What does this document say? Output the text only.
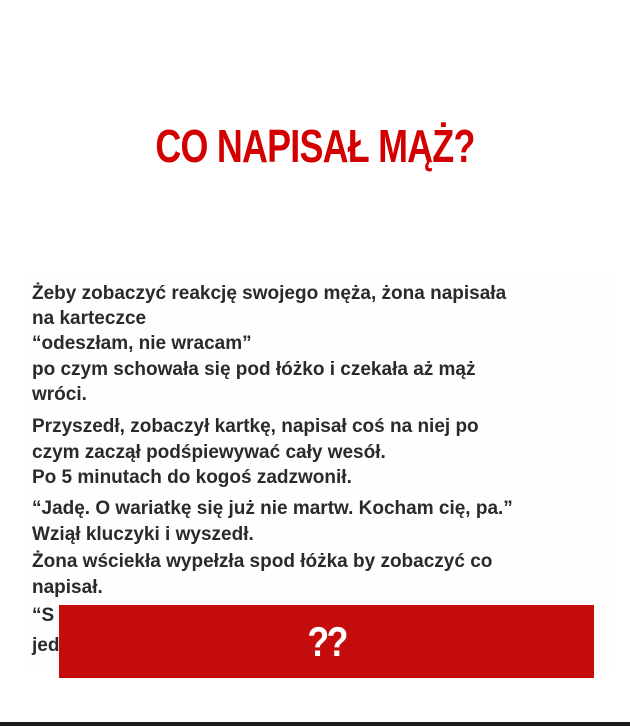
CO NAPISAŁ MĄŻ?
Żeby zobaczyć reakcję swojego męża, żona napisała
na karteczce
“odeszłam, nie wracam”
po czym schowała się pod łóżko i czekała aż mąż
wróci.
Przyszedł, zobaczył kartkę, napisał coś na niej po
czym zaczął podśpiewywać cały wesół.
Po 5 minutach do kogoś zadzwonił.
“Jadę. O wariatkę się już nie martw. Kocham cię, pa.”
Wziął kluczyki i wyszedł.
Żona wściekła wypełzła spod łóżka by zobaczyć co
napisał.
“S
jed	??
